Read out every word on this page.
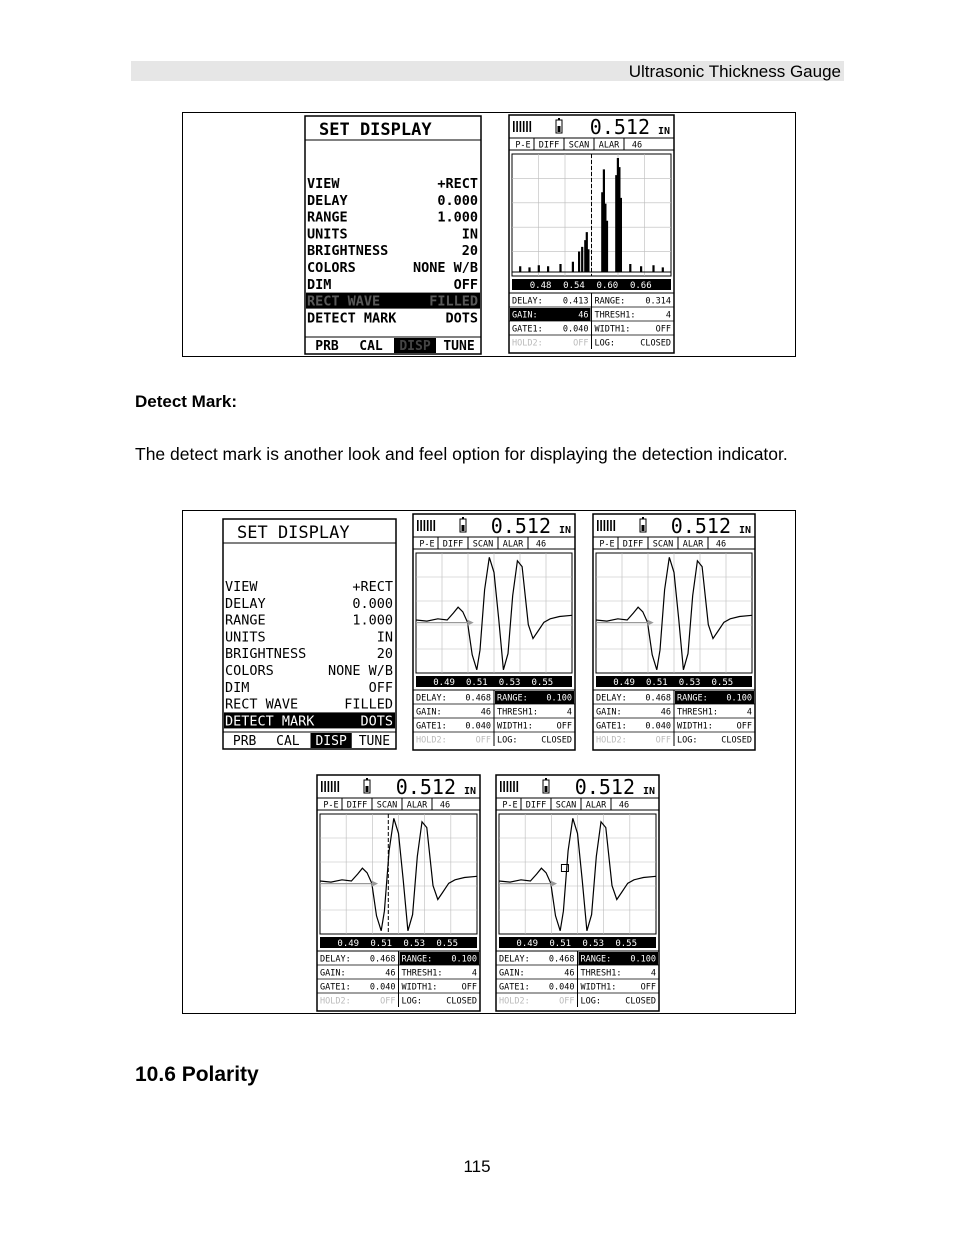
Ultrasonic Thickness Gauge
SET DISPLAY
VIEW	+RECT
DELAY	0.000
RANGE	1.000
UNITS	IN
BRIGHTNESS	20
COLORS	NONE W/B
DIM	OFF
RECT WAVE	FILLED
DETECT MARK	DOTS
PRB CAL DISP TUNE
0.512 IN
P-E DIFF SCAN ALAR 46
0.48 0.54 0.60 0.66
DELAY: 0.413 RANGE: 0.314
GAIN:	46 THRESH1:	4
GATE1: 0.040 WIDTH1:	OFF
HOLD2:	OFF LOG:	CLOSED
Detect Mark:
The detect mark is another look and feel option for displaying the detection indicator.
SET DISPLAY
VIEW	+RECT
DELAY	0.000
RANGE	1.000
UNITS	IN
BRIGHTNESS	20
COLORS	NONE W/B
DIM	OFF
RECT WAVE	FILLED
DETECT MARK	DOTS
PRB CAL DISP TUNE
0.512 IN
P-E DIFF SCAN ALAR 46
0.49 0.51 0.53 0.55
DELAY: 0.468 RANGE: 0.100
GAIN:	46 THRESH1:	4
GATE1: 0.040 WIDTH1:	OFF
HOLD2:	OFF LOG:	CLOSED
0.512 IN
P-E DIFF SCAN ALAR 46
0.49 0.51 0.53 0.55
DELAY: 0.468 RANGE: 0.100
GAIN:	46 THRESH1:	4
GATE1: 0.040 WIDTH1:	OFF
HOLD2:	OFF LOG:	CLOSED
0.512 IN
P-E DIFF SCAN ALAR 46
0.49 0.51 0.53 0.55
DELAY: 0.468 RANGE: 0.100
GAIN:	46 THRESH1:	4
GATE1: 0.040 WIDTH1:	OFF
HOLD2:	OFF LOG:	CLOSED
0.512 IN
P-E DIFF SCAN ALAR 46
0.49 0.51 0.53 0.55
DELAY: 0.468 RANGE: 0.100
GAIN:	46 THRESH1:	4
GATE1: 0.040 WIDTH1:	OFF
HOLD2:	OFF LOG:	CLOSED
10.6 Polarity
115
